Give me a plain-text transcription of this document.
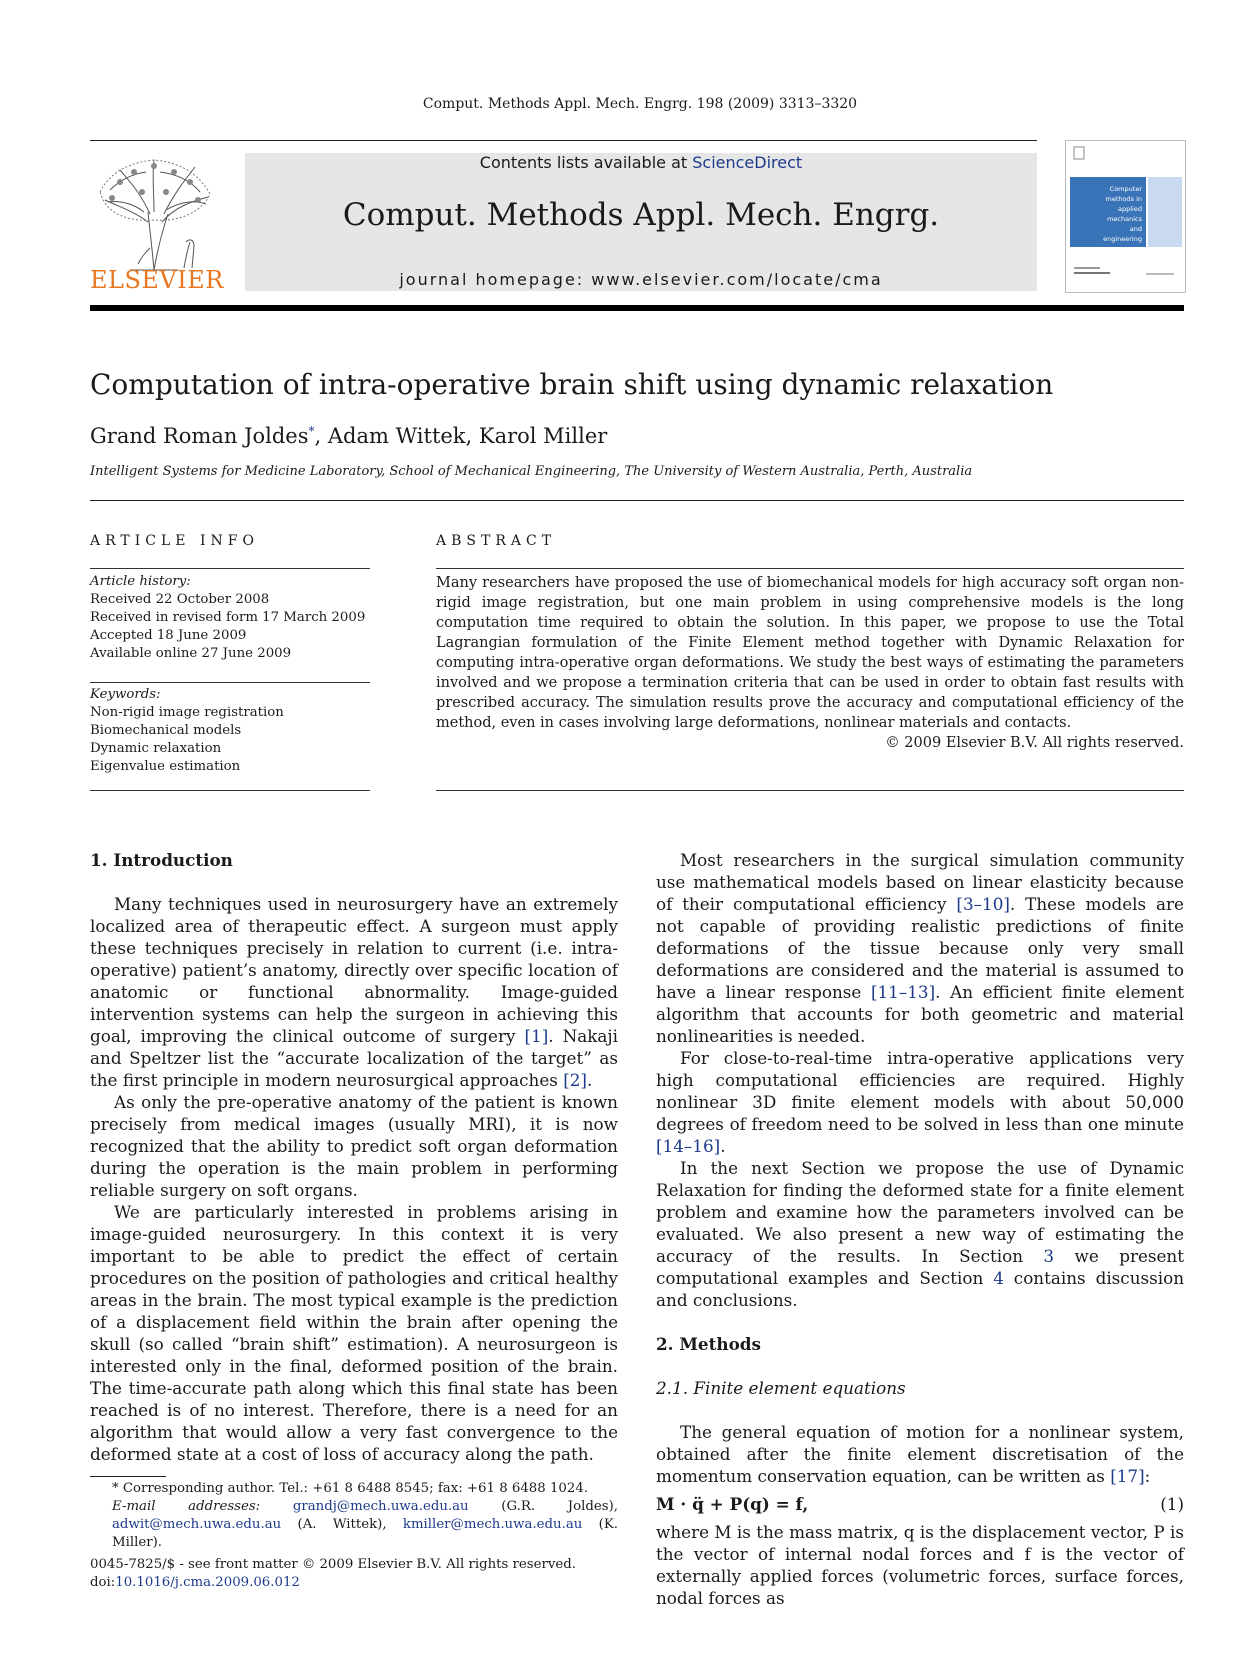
Comput. Methods Appl. Mech. Engrg. 198 (2009) 3313–3320
Contents lists available at ScienceDirect
Comput. Methods Appl. Mech. Engrg.
journal homepage: www.elsevier.com/locate/cma
ELSEVIER
Computer methods in applied mechanics and engineering
Computation of intra-operative brain shift using dynamic relaxation
Grand Roman Joldes*, Adam Wittek, Karol Miller
Intelligent Systems for Medicine Laboratory, School of Mechanical Engineering, The University of Western Australia, Perth, Australia
ARTICLE INFO	ABSTRACT
Article history:
Received 22 October 2008
Received in revised form 17 March 2009
Accepted 18 June 2009
Available online 27 June 2009
Keywords:
Non-rigid image registration
Biomechanical models
Dynamic relaxation
Eigenvalue estimation
Many researchers have proposed the use of biomechanical models for high accuracy soft organ non-rigid image registration, but one main problem in using comprehensive models is the long computation time required to obtain the solution. In this paper, we propose to use the Total Lagrangian formulation of the Finite Element method together with Dynamic Relaxation for computing intra-operative organ deformations. We study the best ways of estimating the parameters involved and we propose a termination criteria that can be used in order to obtain fast results with prescribed accuracy. The simulation results prove the accuracy and computational efficiency of the method, even in cases involving large deformations, nonlinear materials and contacts.
© 2009 Elsevier B.V. All rights reserved.
1. Introduction

Many techniques used in neurosurgery have an extremely localized area of therapeutic effect. A surgeon must apply these techniques precisely in relation to current (i.e. intra-operative) patient’s anatomy, directly over specific location of anatomic or functional abnormality. Image-guided intervention systems can help the surgeon in achieving this goal, improving the clinical outcome of surgery [1]. Nakaji and Speltzer list the “accurate localization of the target” as the first principle in modern neurosurgical approaches [2].

As only the pre-operative anatomy of the patient is known precisely from medical images (usually MRI), it is now recognized that the ability to predict soft organ deformation during the operation is the main problem in performing reliable surgery on soft organs.

We are particularly interested in problems arising in image-guided neurosurgery. In this context it is very important to be able to predict the effect of certain procedures on the position of pathologies and critical healthy areas in the brain. The most typical example is the prediction of a displacement field within the brain after opening the skull (so called “brain shift” estimation). A neurosurgeon is interested only in the final, deformed position of the brain. The time-accurate path along which this final state has been reached is of no interest. Therefore, there is a need for an algorithm that would allow a very fast convergence to the deformed state at a cost of loss of accuracy along the path.

Most researchers in the surgical simulation community use mathematical models based on linear elasticity because of their computational efficiency [3–10]. These models are not capable of providing realistic predictions of finite deformations of the tissue because only very small deformations are considered and the material is assumed to have a linear response [11–13]. An efficient finite element algorithm that accounts for both geometric and material nonlinearities is needed.

For close-to-real-time intra-operative applications very high computational efficiencies are required. Highly nonlinear 3D finite element models with about 50,000 degrees of freedom need to be solved in less than one minute [14–16].

In the next Section we propose the use of Dynamic Relaxation for finding the deformed state for a finite element problem and examine how the parameters involved can be evaluated. We also present a new way of estimating the accuracy of the results. In Section 3 we present computational examples and Section 4 contains discussion and conclusions.

2. Methods
2.1. Finite element equations

The general equation of motion for a nonlinear system, obtained after the finite element discretisation of the momentum conservation equation, can be written as [17]:

M · q̈ + P(q) = f,	(1)

where M is the mass matrix, q is the displacement vector, P is the vector of internal nodal forces and f is the vector of externally applied forces (volumetric forces, surface forces, nodal forces as

* Corresponding author. Tel.: +61 8 6488 8545; fax: +61 8 6488 1024.
E-mail addresses: grandj@mech.uwa.edu.au (G.R. Joldes), adwit@mech.uwa.edu.au (A. Wittek), kmiller@mech.uwa.edu.au (K. Miller).
0045-7825/$ - see front matter © 2009 Elsevier B.V. All rights reserved.
doi:10.1016/j.cma.2009.06.012
